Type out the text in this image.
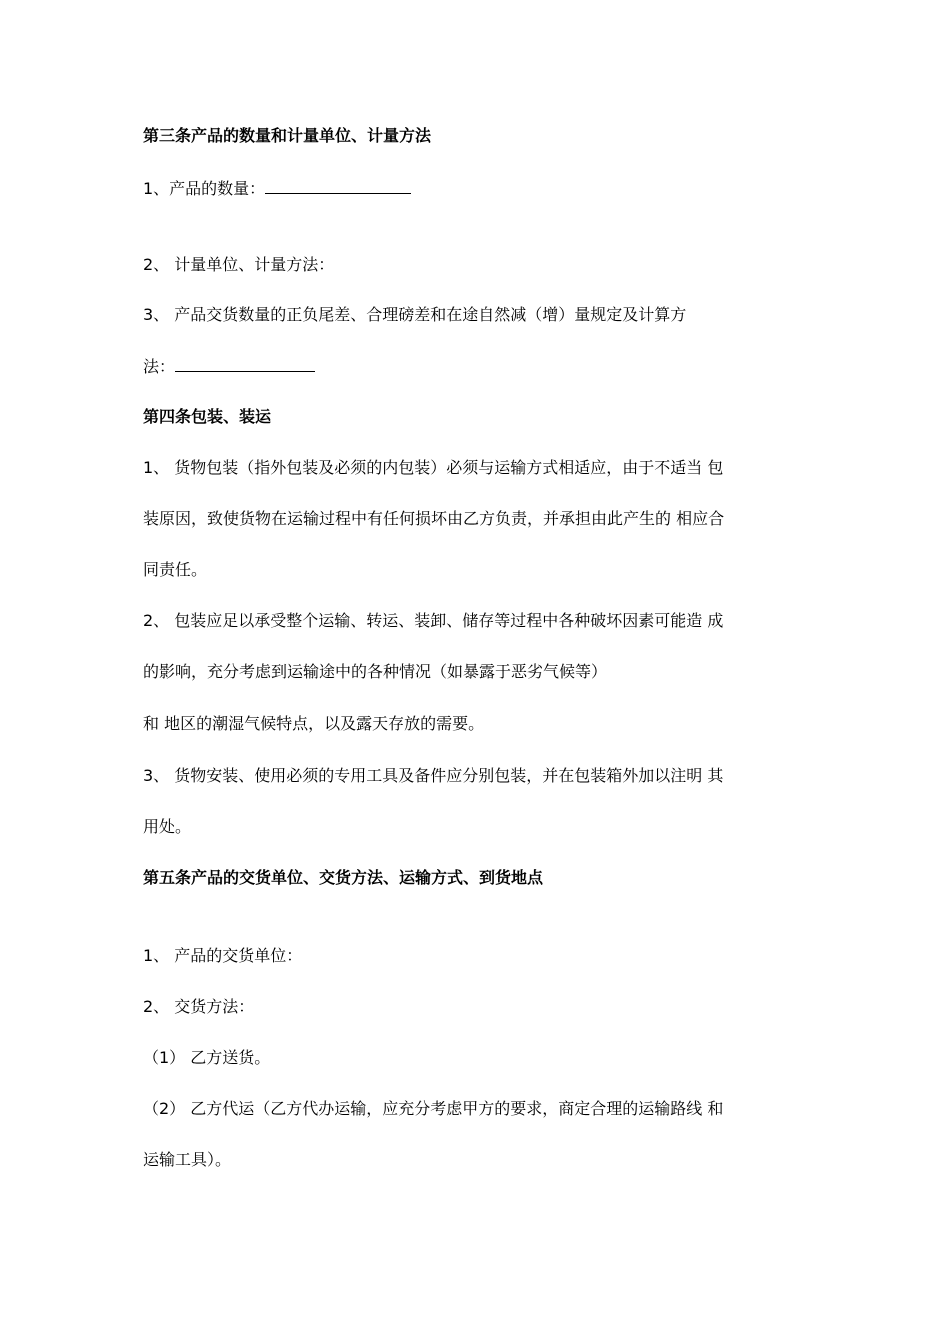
第三条产品的数量和计量单位、计量方法
1、产品的数量：
2、 计量单位、计量方法：
3、 产品交货数量的正负尾差、合理磅差和在途自然减（增）量规定及计算方
法：
第四条包装、装运
1、 货物包装（指外包装及必须的内包装）必须与运输方式相适应，由于不适当 包
装原因，致使货物在运输过程中有任何损坏由乙方负责，并承担由此产生的 相应合
同责任。
2、 包装应足以承受整个运输、转运、装卸、储存等过程中各种破坏因素可能造 成
的影响，充分考虑到运输途中的各种情况（如暴露于恶劣气候等）
和 地区的潮湿气候特点，以及露天存放的需要。
3、 货物安装、使用必须的专用工具及备件应分别包装，并在包装箱外加以注明 其
用处。
第五条产品的交货单位、交货方法、运输方式、到货地点
1、 产品的交货单位：
2、 交货方法：
（1） 乙方送货。
（2） 乙方代运（乙方代办运输，应充分考虑甲方的要求，商定合理的运输路线 和
运输工具）。
